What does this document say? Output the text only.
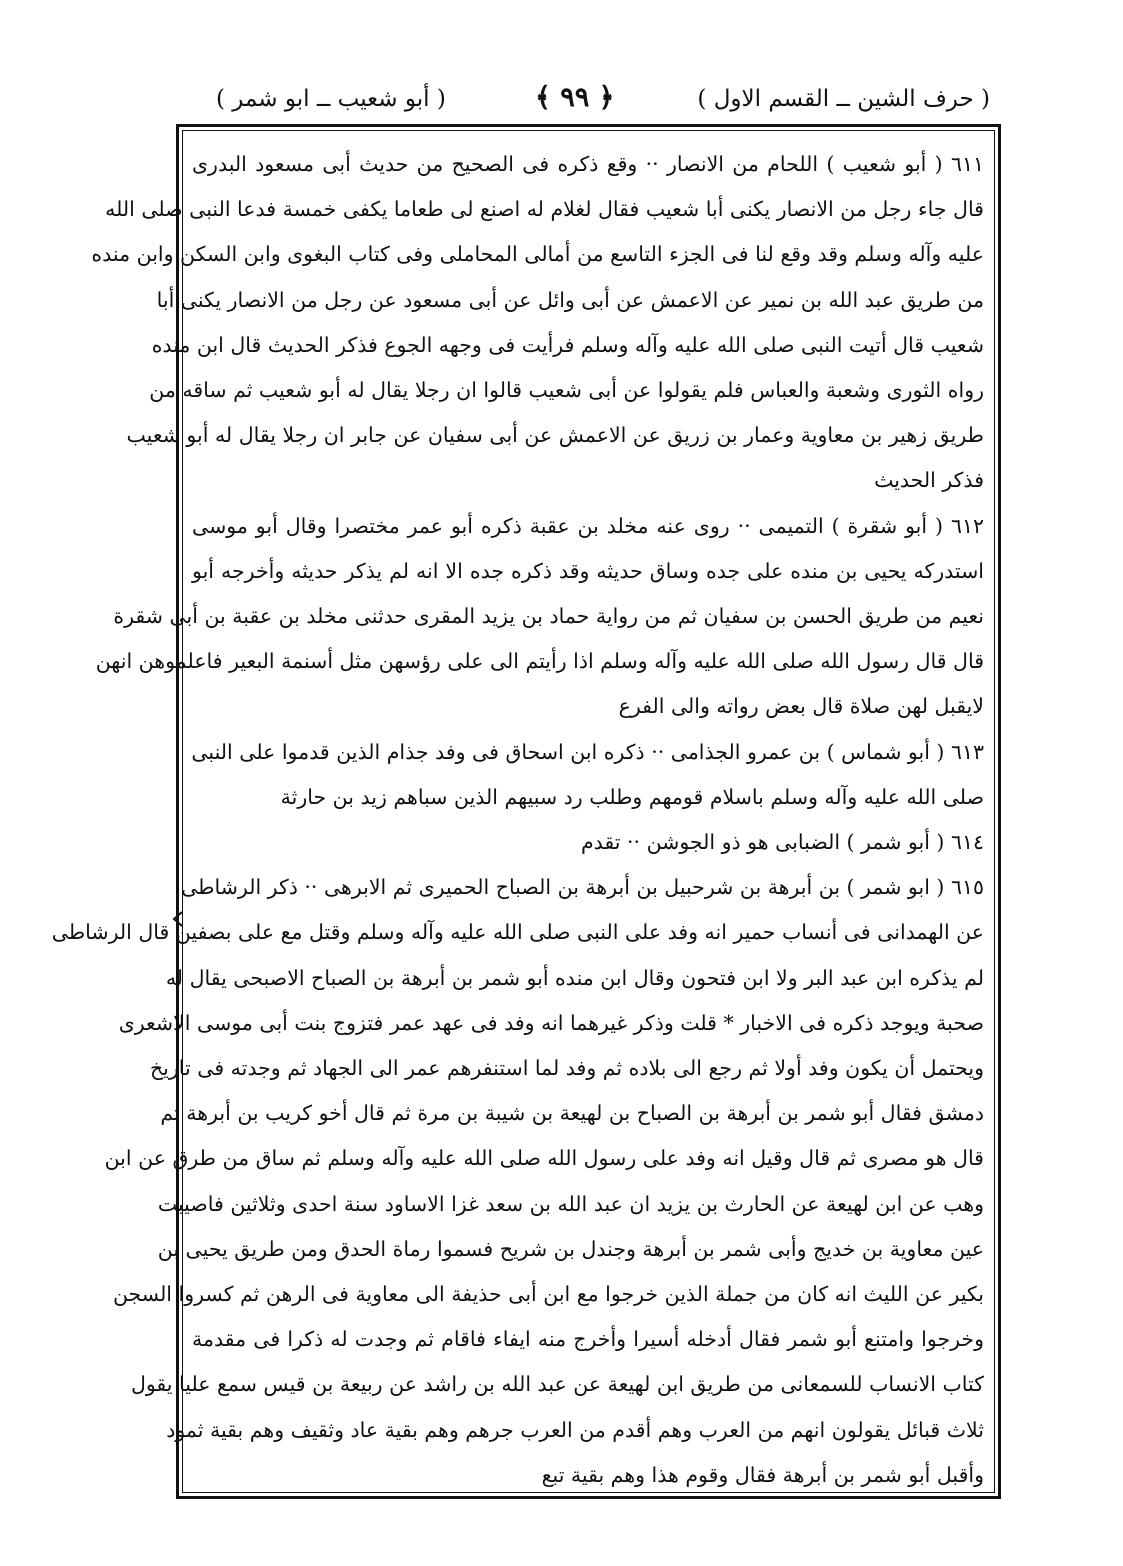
( أبو شعيب ــ ابو شمر )	﴿ ٩٩ ﴾	( حرف الشين ــ القسم الاول )
٦١١ ( أبو شعيب ) اللحام من الانصار ·· وقع ذكره فى الصحيح من حديث أبى مسعود البدرى
قال جاء رجل من الانصار يكنى أبا شعيب فقال لغلام له اصنع لى طعاما يكفى خمسة فدعا النبى صلى الله
عليه وآله وسلم وقد وقع لنا فى الجزء التاسع من أمالى المحاملى وفى كتاب البغوى وابن السكن وابن منده
من طريق عبد الله بن نمير عن الاعمش عن أبى وائل عن أبى مسعود عن رجل من الانصار يكنى أبا
شعيب قال أتيت النبى صلى الله عليه وآله وسلم فرأيت فى وجهه الجوع فذكر الحديث قال ابن منده
رواه الثورى وشعبة والعباس فلم يقولوا عن أبى شعيب قالوا ان رجلا يقال له أبو شعيب ثم ساقه من
طريق زهير بن معاوية وعمار بن زريق عن الاعمش عن أبى سفيان عن جابر ان رجلا يقال له أبو شعيب
فذكر الحديث
٦١٢ ( أبو شقرة ) التميمى ·· روى عنه مخلد بن عقبة ذكره أبو عمر مختصرا وقال أبو موسى
استدركه يحيى بن منده على جده وساق حديثه وقد ذكره جده الا انه لم يذكر حديثه وأخرجه أبو
نعيم من طريق الحسن بن سفيان ثم من رواية حماد بن يزيد المقرى حدثنى مخلد بن عقبة بن أبى شقرة
قال قال رسول الله صلى الله عليه وآله وسلم اذا رأيتم الى على رؤسهن مثل أسنمة البعير فاعلموهن انهن
لايقبل لهن صلاة قال بعض رواته والى الفرع
٦١٣ ( أبو شماس ) بن عمرو الجذامى ·· ذكره ابن اسحاق فى وفد جذام الذين قدموا على النبى
صلى الله عليه وآله وسلم باسلام قومهم وطلب رد سبيهم الذين سباهم زيد بن حارثة
٦١٤ ( أبو شمر ) الضبابى هو ذو الجوشن ·· تقدم
٦١٥ ( ابو شمر ) بن أبرهة بن شرحبيل بن أبرهة بن الصباح الحميرى ثم الابرهى ·· ذكر الرشاطى
عن الهمدانى فى أنساب حمير انه وفد على النبى صلى الله عليه وآله وسلم وقتل مع على بصفين قال الرشاطى
لم يذكره ابن عبد البر ولا ابن فتحون وقال ابن منده أبو شمر بن أبرهة بن الصباح الاصبحى يقال له
صحبة ويوجد ذكره فى الاخبار * قلت وذكر غيرهما انه وفد فى عهد عمر فتزوج بنت أبى موسى الاشعرى
ويحتمل أن يكون وفد أولا ثم رجع الى بلاده ثم وفد لما استنفرهم عمر الى الجهاد ثم وجدته فى تاريخ
دمشق فقال أبو شمر بن أبرهة بن الصباح بن لهيعة بن شيبة بن مرة ثم قال أخو كريب بن أبرهة ثم
قال هو مصرى ثم قال وقيل انه وفد على رسول الله صلى الله عليه وآله وسلم ثم ساق من طرق عن ابن
وهب عن ابن لهيعة عن الحارث بن يزيد ان عبد الله بن سعد غزا الاساود سنة احدى وثلاثين فاصيبت
عين معاوية بن خديج وأبى شمر بن أبرهة وجندل بن شريح فسموا رماة الحدق ومن طريق يحيى بن
بكير عن الليث انه كان من جملة الذين خرجوا مع ابن أبى حذيفة الى معاوية فى الرهن ثم كسروا السجن
وخرجوا وامتنع أبو شمر فقال أدخله أسيرا وأخرج منه ايفاء فاقام ثم وجدت له ذكرا فى مقدمة
كتاب الانساب للسمعانى من طريق ابن لهيعة عن عبد الله بن راشد عن ربيعة بن قيس سمع عليا يقول
ثلاث قبائل يقولون انهم من العرب وهم أقدم من العرب جرهم وهم بقية عاد وثقيف وهم بقية ثمود
وأقبل أبو شمر بن أبرهة فقال وقوم هذا وهم بقية تبع
